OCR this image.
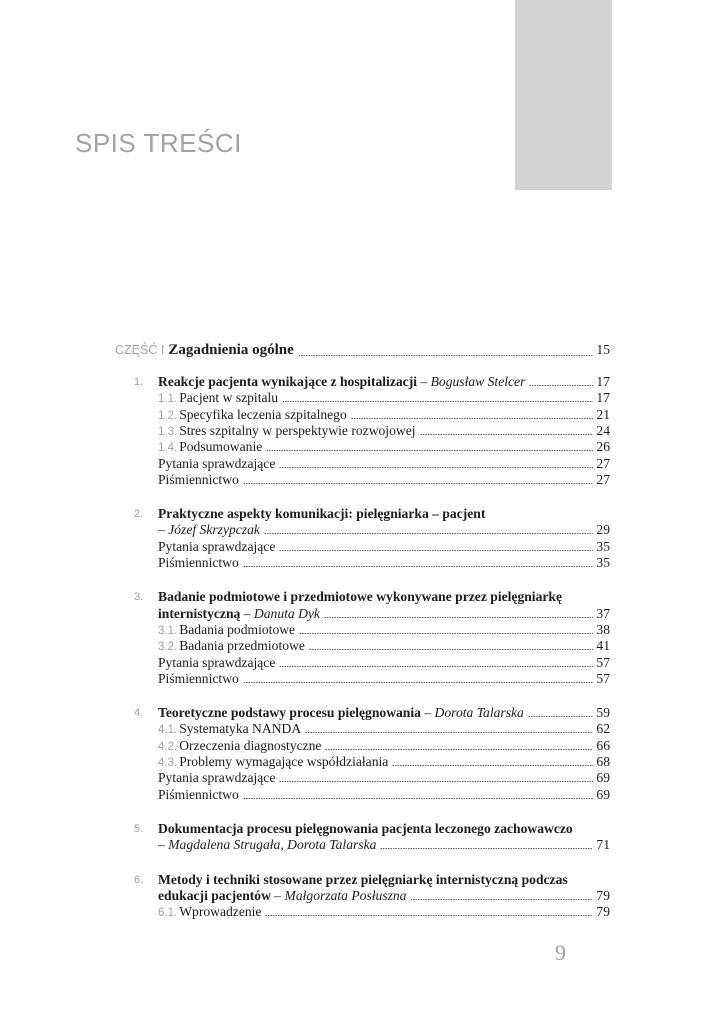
SPIS TREŚCI
CZĘŚĆ I Zagadnienia ogólne	15
1. Reakcje pacjenta wynikające z hospitalizacji – Bogusław Stelcer	17
1.1. Pacjent w szpitalu	17
1.2. Specyfika leczenia szpitalnego	21
1.3. Stres szpitalny w perspektywie rozwojowej	24
1.4. Podsumowanie	26
Pytania sprawdzające	27
Piśmiennictwo	27
2. Praktyczne aspekty komunikacji: pielęgniarka – pacjent
– Józef Skrzypczak	29
Pytania sprawdzające	35
Piśmiennictwo	35
3. Badanie podmiotowe i przedmiotowe wykonywane przez pielęgniarkę
internistyczną – Danuta Dyk	37
3.1. Badania podmiotowe	38
3.2. Badania przedmiotowe	41
Pytania sprawdzające	57
Piśmiennictwo	57
4. Teoretyczne podstawy procesu pielęgnowania – Dorota Talarska	59
4.1. Systematyka NANDA	62
4.2. Orzeczenia diagnostyczne	66
4.3. Problemy wymagające współdziałania	68
Pytania sprawdzające	69
Piśmiennictwo	69
5. Dokumentacja procesu pielęgnowania pacjenta leczonego zachowawczo
– Magdalena Strugała, Dorota Talarska	71
6. Metody i techniki stosowane przez pielęgniarkę internistyczną podczas
edukacji pacjentów – Małgorzata Posłuszna	79
6.1. Wprowadzenie	79
9
